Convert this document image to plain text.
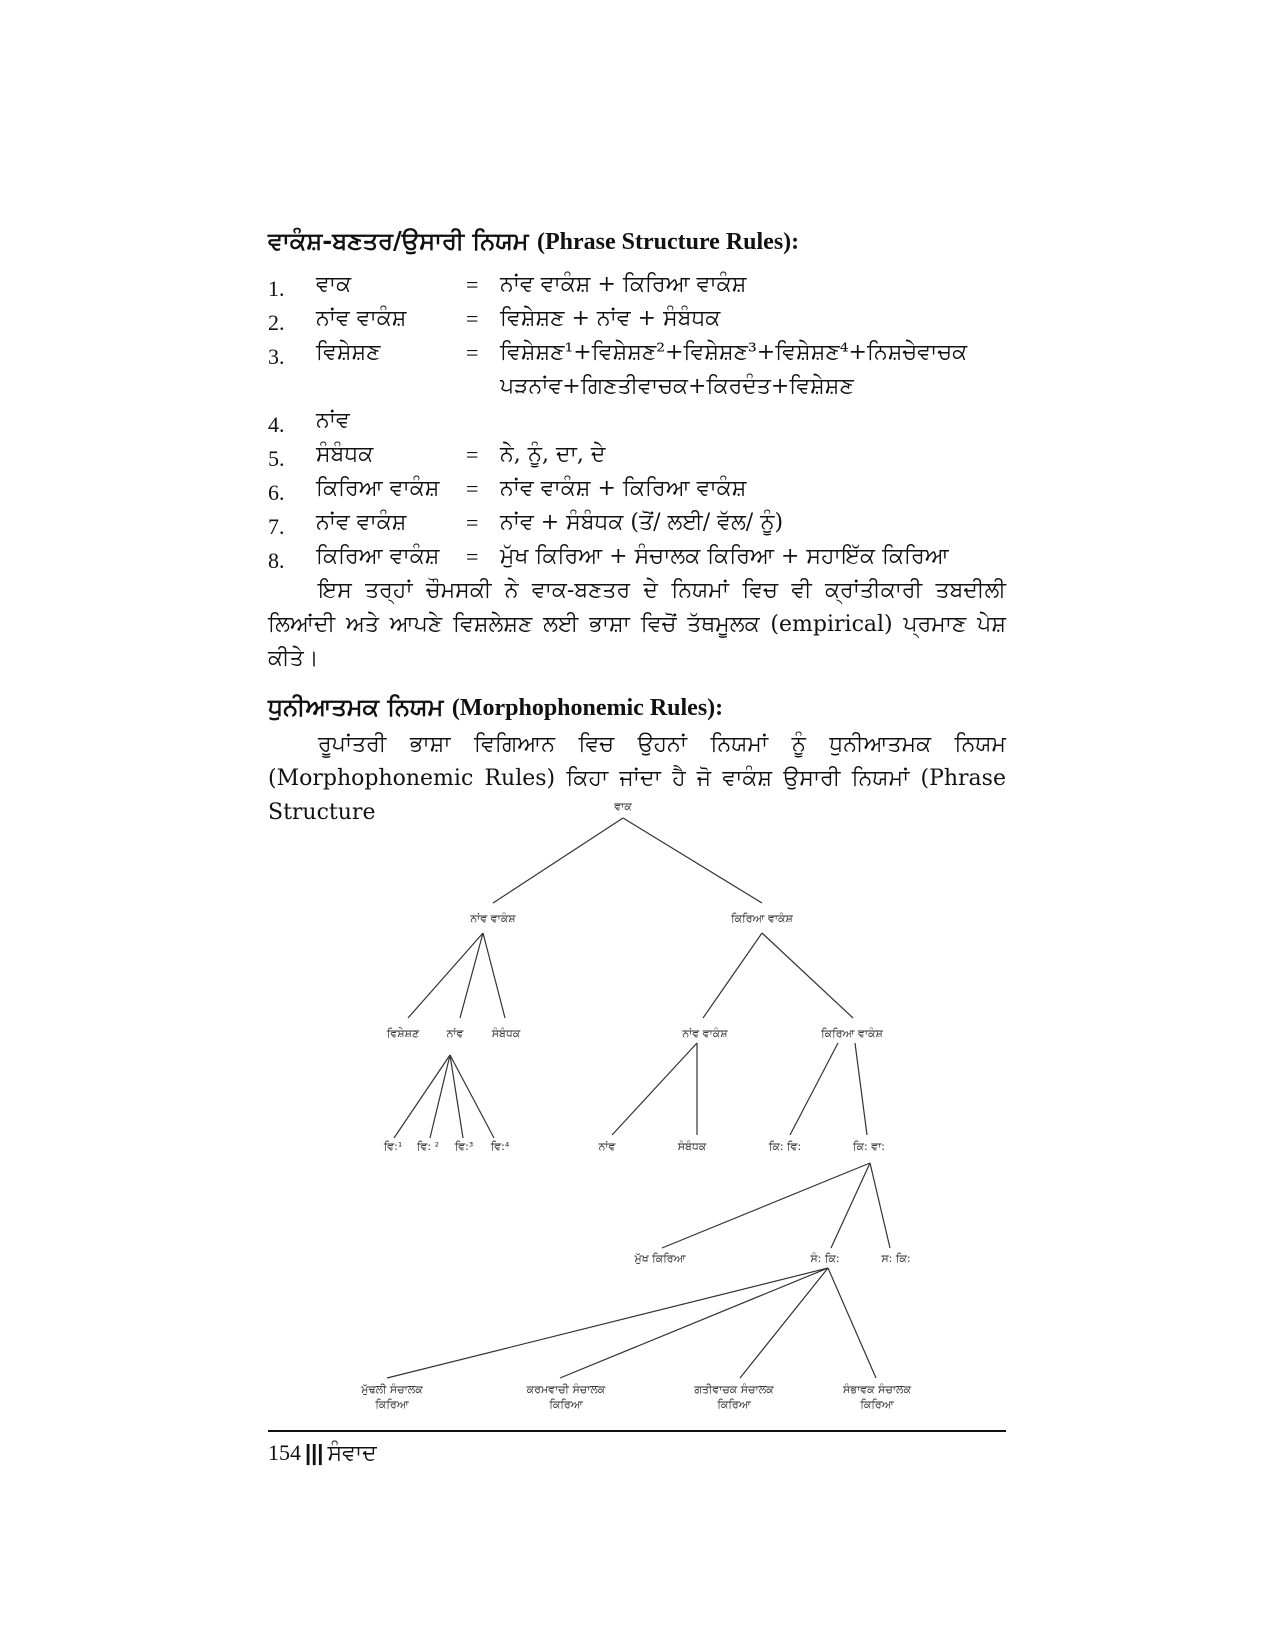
ਵਾਕੰਸ਼-ਬਣਤਰ/ਉਸਾਰੀ ਨਿਯਮ (Phrase Structure Rules):
1. ਵਾਕ	= ਨਾਂਵ ਵਾਕੰਸ਼ + ਕਿਰਿਆ ਵਾਕੰਸ਼
2. ਨਾਂਵ ਵਾਕੰਸ਼	= ਵਿਸ਼ੇਸ਼ਣ + ਨਾਂਵ + ਸੰਬੰਧਕ
3. ਵਿਸ਼ੇਸ਼ਣ	= ਵਿਸ਼ੇਸ਼ਣ¹+ਵਿਸ਼ੇਸ਼ਣ²+ਵਿਸ਼ੇਸ਼ਣ³+ਵਿਸ਼ੇਸ਼ਣ⁴+ਨਿਸ਼ਚੇਵਾਚਕ
ਪੜਨਾਂਵ+ਗਿਣਤੀਵਾਚਕ+ਕਿਰਦੰਤ+ਵਿਸ਼ੇਸ਼ਣ
4. ਨਾਂਵ
5. ਸੰਬੰਧਕ	= ਨੇ, ਨੂੰ, ਦਾ, ਦੇ
6. ਕਿਰਿਆ ਵਾਕੰਸ਼ = ਨਾਂਵ ਵਾਕੰਸ਼ + ਕਿਰਿਆ ਵਾਕੰਸ਼
7. ਨਾਂਵ ਵਾਕੰਸ਼	= ਨਾਂਵ + ਸੰਬੰਧਕ (ਤੋਂ/ ਲਈ/ ਵੱਲ/ ਨੂੰ)
8. ਕਿਰਿਆ ਵਾਕੰਸ਼ = ਮੁੱਖ ਕਿਰਿਆ + ਸੰਚਾਲਕ ਕਿਰਿਆ + ਸਹਾਇੱਕ ਕਿਰਿਆ
ਇਸ ਤਰ੍ਹਾਂ ਚੌਮਸਕੀ ਨੇ ਵਾਕ-ਬਣਤਰ ਦੇ ਨਿਯਮਾਂ ਵਿਚ ਵੀ ਕ੍ਰਾਂਤੀਕਾਰੀ ਤਬਦੀਲੀ ਲਿਆਂਦੀ ਅਤੇ ਆਪਣੇ ਵਿਸ਼ਲੇਸ਼ਣ ਲਈ ਭਾਸ਼ਾ ਵਿਚੋਂ ਤੱਥਮੂਲਕ (empirical) ਪ੍ਰਮਾਣ ਪੇਸ਼ ਕੀਤੇ।
ਧੁਨੀਆਤਮਕ ਨਿਯਮ (Morphophonemic Rules):
ਰੂਪਾਂਤਰੀ ਭਾਸ਼ਾ ਵਿਗਿਆਨ ਵਿਚ ਉਹਨਾਂ ਨਿਯਮਾਂ ਨੂੰ ਧੁਨੀਆਤਮਕ ਨਿਯਮ (Morphophonemic Rules) ਕਿਹਾ ਜਾਂਦਾ ਹੈ ਜੋ ਵਾਕੰਸ਼ ਉਸਾਰੀ ਨਿਯਮਾਂ (Phrase Structure	ਵਾਕ
ਨਾਂਵ ਵਾਕੰਸ਼	ਕਿਰਿਆ ਵਾਕੰਸ਼
ਵਿਸ਼ੇਸ਼ਣ ਨਾਂਵ	ਸੰਬੰਧਕ	ਨਾਂਵ ਵਾਕੰਸ਼	ਕਿਰਿਆ ਵਾਕੰਸ਼
ਵਿ:¹ ਵਿ: ² ਵਿ:³ ਵਿ:⁴	ਨਾਂਵ	ਸੰਬੰਧਕ	ਕਿ: ਵਿ:	ਕਿ: ਵਾ:
ਮੁੱਖ ਕਿਰਿਆ	ਸੰ: ਕਿ:	ਸ: ਕਿ:
ਮੁੱਢਲੀ ਸੰਚਾਲਕ
ਕਿਰਿਆ
ਕਰਮਵਾਚੀ ਸੰਚਾਲਕ
ਕਿਰਿਆ
ਗਤੀਵਾਚਕ ਸੰਚਾਲਕ
ਕਿਰਿਆ
ਸੰਭਾਵਕ ਸੰਚਾਲਕ
ਕਿਰਿਆ
154 ||| ਸੰਵਾਦ
